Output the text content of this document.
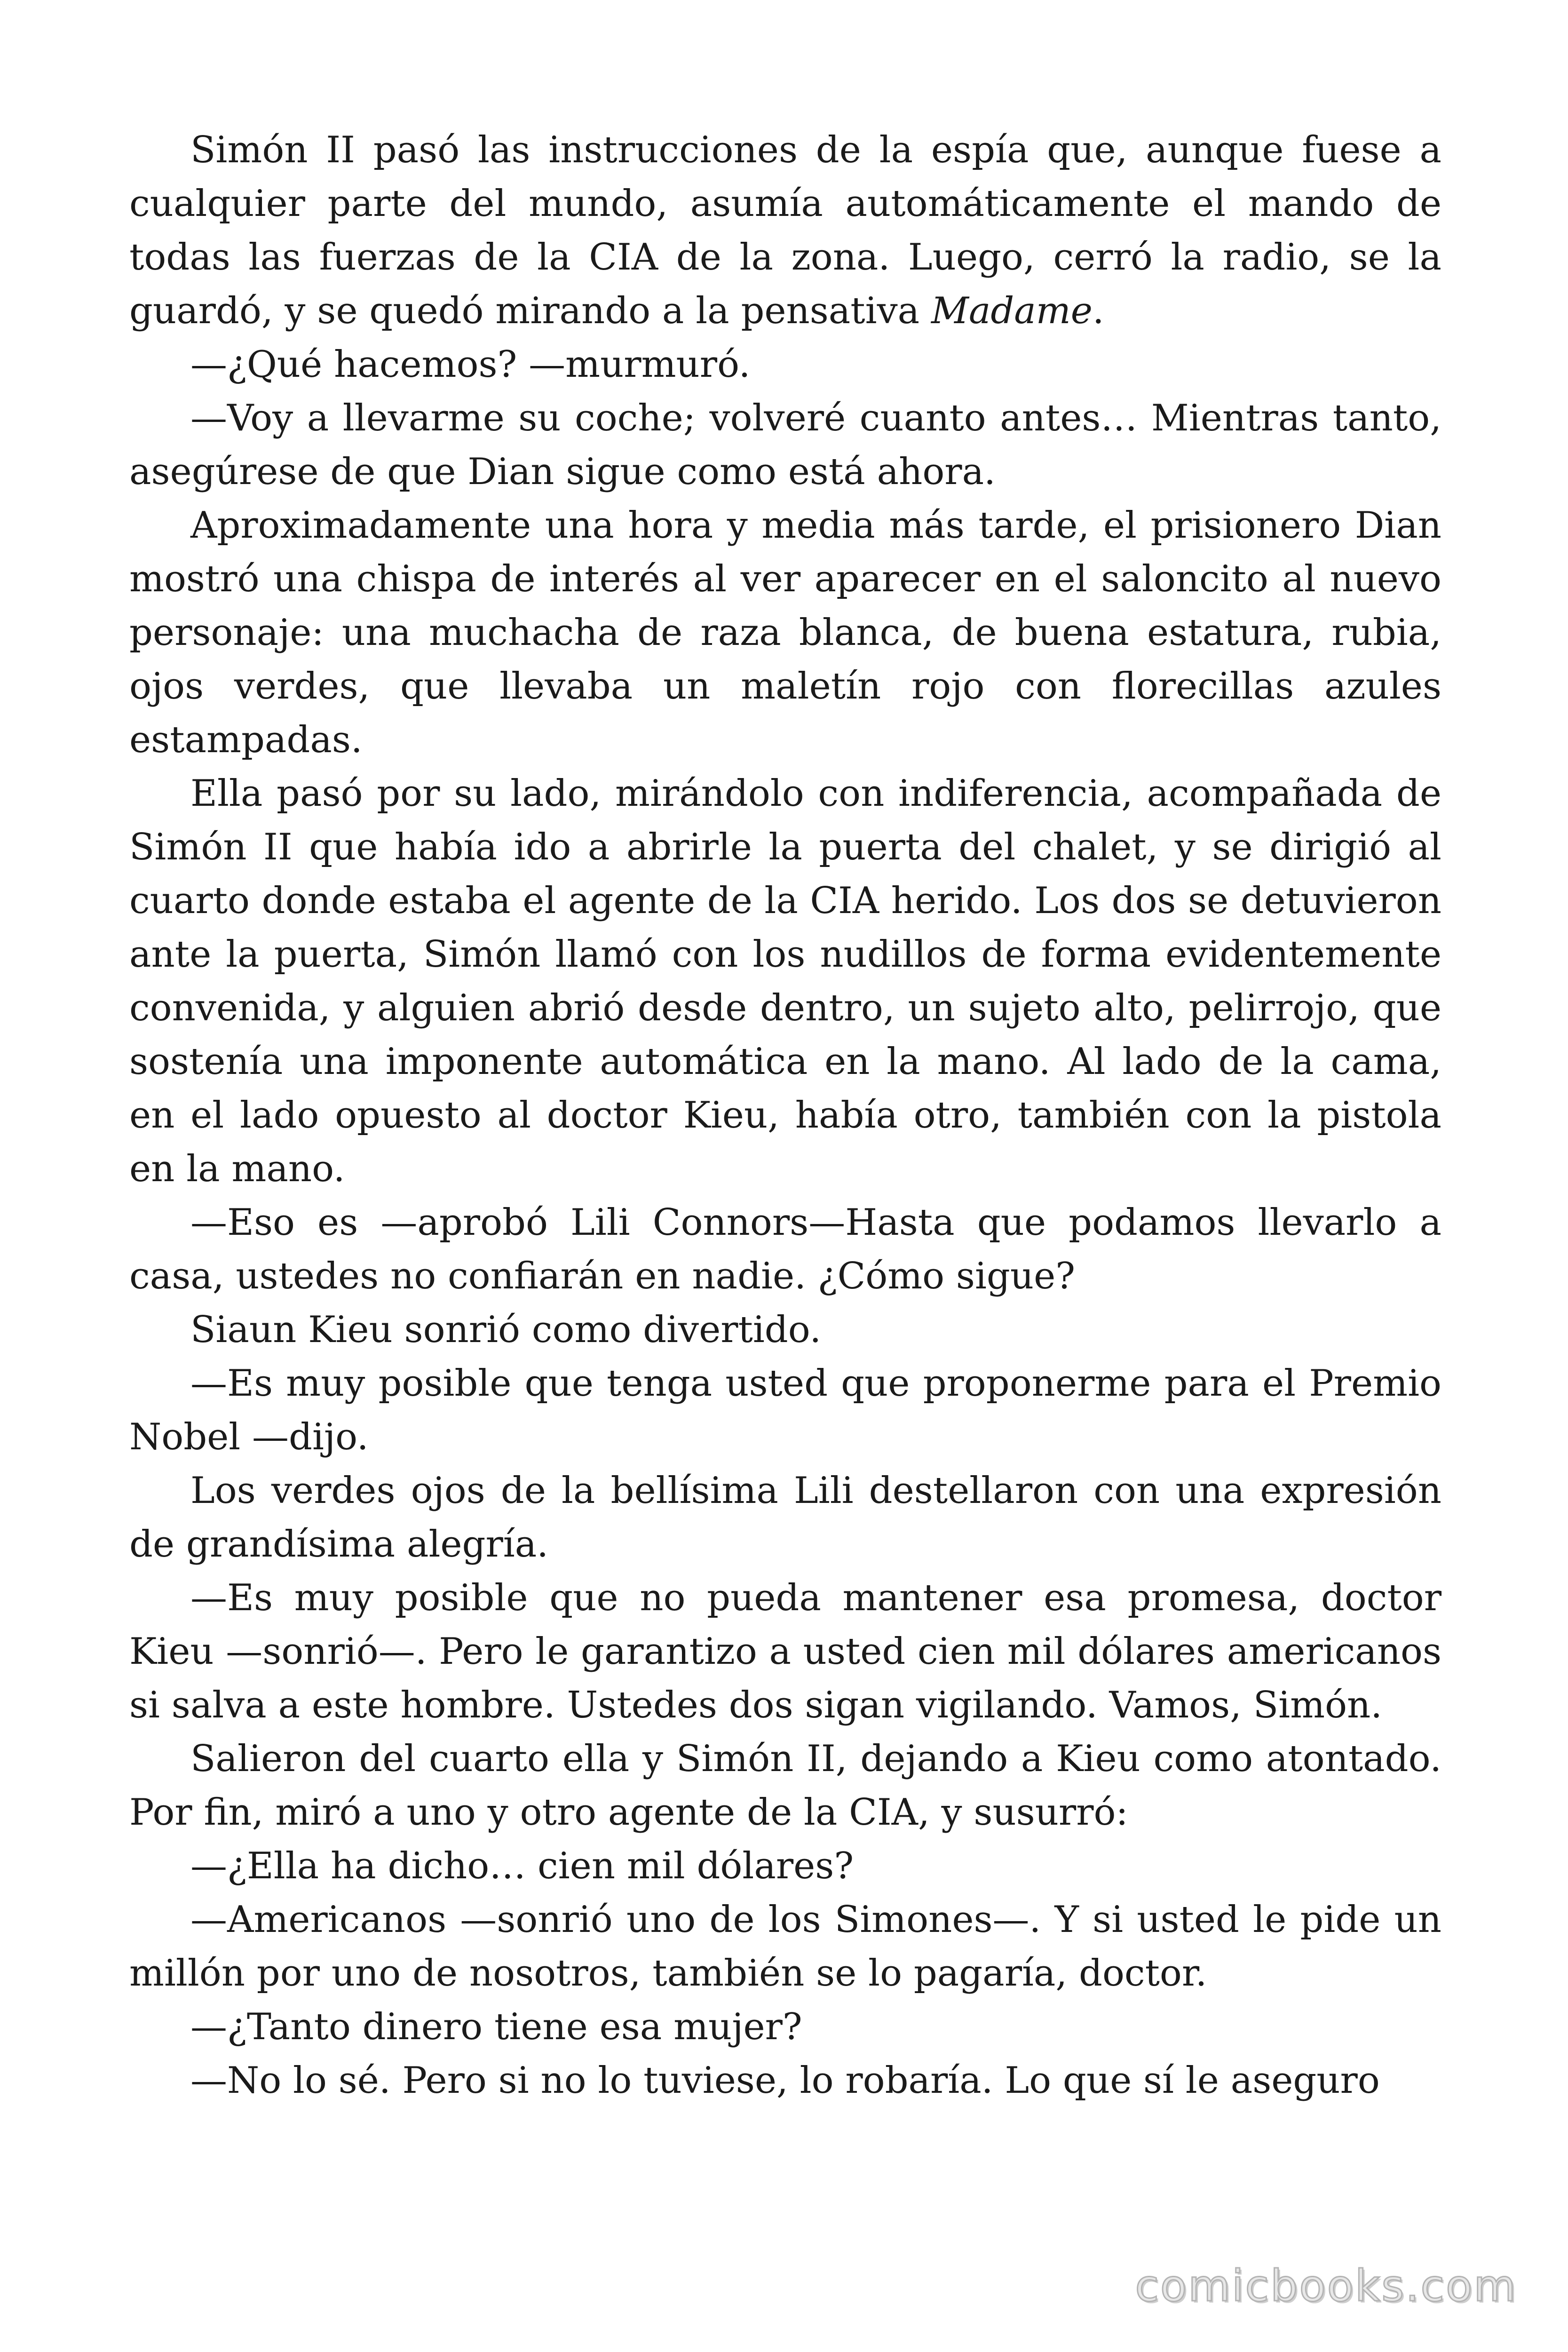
Simón II pasó las instrucciones de la espía que, aunque fuese a cualquier parte del mundo, asumía automáticamente el mando de todas las fuerzas de la CIA de la zona. Luego, cerró la radio, se la guardó, y se quedó mirando a la pensativa Madame.

—¿Qué hacemos? —murmuró.

—Voy a llevarme su coche; volveré cuanto antes… Mientras tanto, asegúrese de que Dian sigue como está ahora.

Aproximadamente una hora y media más tarde, el prisionero Dian mostró una chispa de interés al ver aparecer en el saloncito al nuevo personaje: una muchacha de raza blanca, de buena estatura, rubia, ojos verdes, que llevaba un maletín rojo con florecillas azules estampadas.

Ella pasó por su lado, mirándolo con indiferencia, acompañada de Simón II que había ido a abrirle la puerta del chalet, y se dirigió al cuarto donde estaba el agente de la CIA herido. Los dos se detuvieron ante la puerta, Simón llamó con los nudillos de forma evidentemente convenida, y alguien abrió desde dentro, un sujeto alto, pelirrojo, que sostenía una imponente automática en la mano. Al lado de la cama, en el lado opuesto al doctor Kieu, había otro, también con la pistola en la mano.

—Eso es —aprobó Lili Connors—Hasta que podamos llevarlo a casa, ustedes no confiarán en nadie. ¿Cómo sigue?

Siaun Kieu sonrió como divertido.

—Es muy posible que tenga usted que proponerme para el Premio Nobel —dijo.

Los verdes ojos de la bellísima Lili destellaron con una expresión de grandísima alegría.

—Es muy posible que no pueda mantener esa promesa, doctor Kieu —sonrió—. Pero le garantizo a usted cien mil dólares americanos si salva a este hombre. Ustedes dos sigan vigilando. Vamos, Simón.

Salieron del cuarto ella y Simón II, dejando a Kieu como atontado. Por fin, miró a uno y otro agente de la CIA, y susurró:

—¿Ella ha dicho… cien mil dólares?

—Americanos —sonrió uno de los Simones—. Y si usted le pide un millón por uno de nosotros, también se lo pagaría, doctor.

—¿Tanto dinero tiene esa mujer?

—No lo sé. Pero si no lo tuviese, lo robaría. Lo que sí le aseguro

comicbooks.com
